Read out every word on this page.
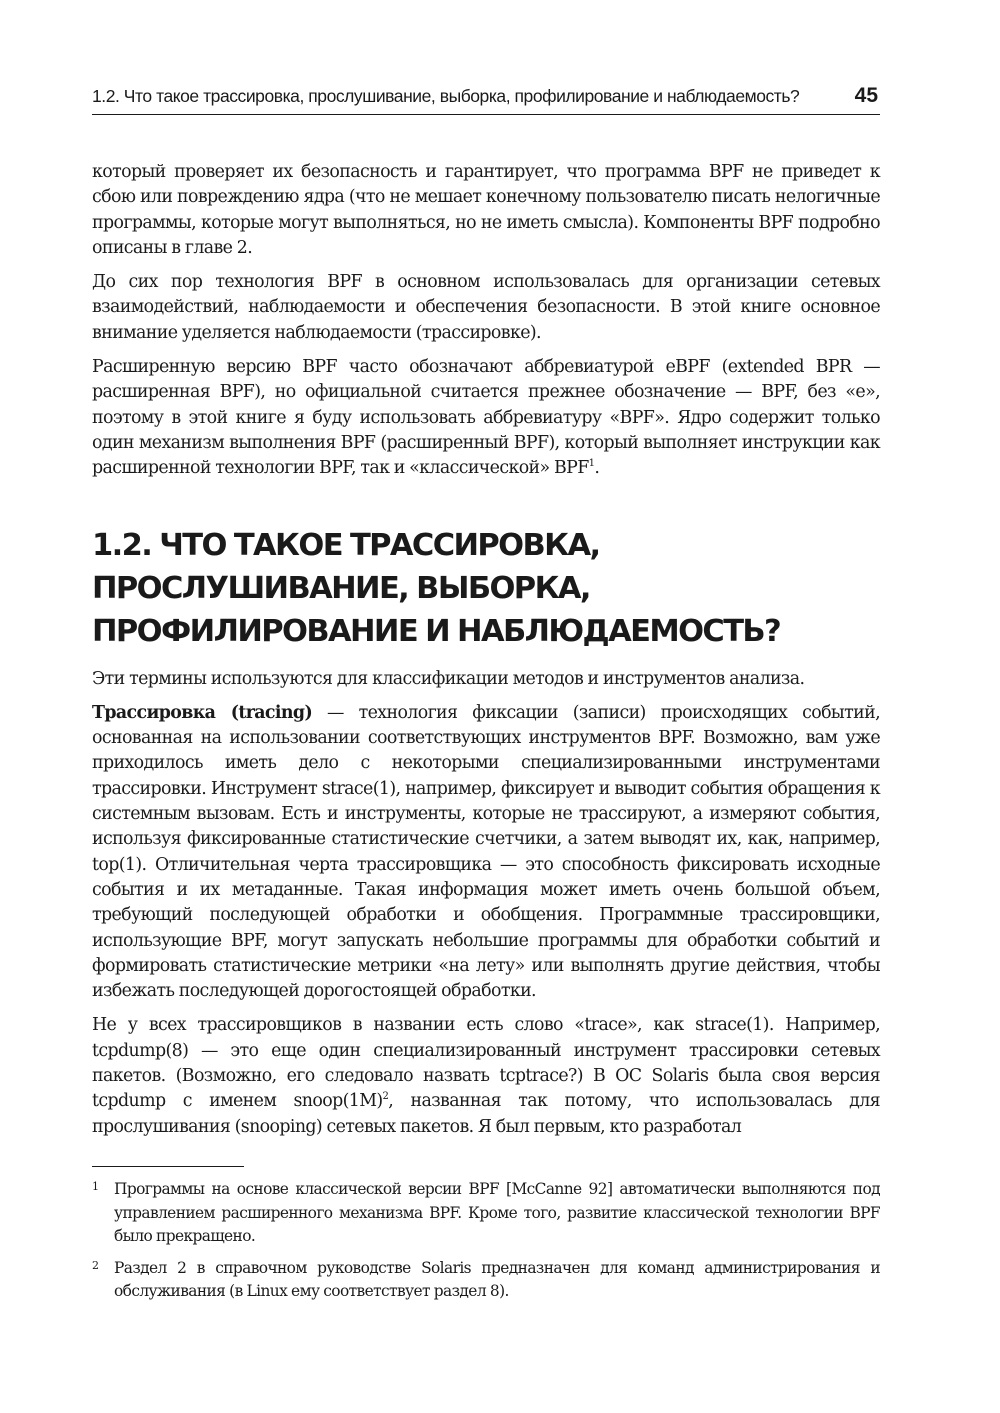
1.2. Что такое трассировка, прослушивание, выборка, профилирование и наблюдаемость?	45

который проверяет их безопасность и гарантирует, что программа BPF не приведет к сбою или повреждению ядра (что не мешает конечному пользователю писать нелогичные программы, которые могут выполняться, но не иметь смысла). Компоненты BPF подробно описаны в главе 2.

До сих пор технология BPF в основном использовалась для организации сетевых взаимодействий, наблюдаемости и обеспечения безопасности. В этой книге основное внимание уделяется наблюдаемости (трассировке).

Расширенную версию BPF часто обозначают аббревиатурой eBPF (extended BPR — расширенная BPF), но официальной считается прежнее обозначение — BPF, без «e», поэтому в этой книге я буду использовать аббревиатуру «BPF». Ядро содержит только один механизм выполнения BPF (расширенный BPF), который выполняет инструкции как расширенной технологии BPF, так и «классической» BPF$^1$.

1.2. ЧТО ТАКОЕ ТРАССИРОВКА, ПРОСЛУШИВАНИЕ, ВЫБОРКА, ПРОФИЛИРОВАНИЕ И НАБЛЮДАЕМОСТЬ?

Эти термины используются для классификации методов и инструментов анализа.

Трассировка (tracing) — технология фиксации (записи) происходящих событий, основанная на использовании соответствующих инструментов BPF. Возможно, вам уже приходилось иметь дело с некоторыми специализированными инструментами трассировки. Инструмент strace(1), например, фиксирует и выводит события обращения к системным вызовам. Есть и инструменты, которые не трассируют, а измеряют события, используя фиксированные статистические счетчики, а затем выводят их, как, например, top(1). Отличительная черта трассировщика — это способность фиксировать исходные события и их метаданные. Такая информация может иметь очень большой объем, требующий последующей обработки и обобщения. Программные трассировщики, использующие BPF, могут запускать небольшие программы для обработки событий и формировать статистические метрики «на лету» или выполнять другие действия, чтобы избежать последующей дорогостоящей обработки.

Не у всех трассировщиков в названии есть слово «trace», как strace(1). Например, tcpdump(8) — это еще один специализированный инструмент трассировки сетевых пакетов. (Возможно, его следовало назвать tcptrace?) В ОС Solaris была своя версия tcpdump с именем $snoop(1M)^2$, названная так потому, что использовалась для прослушивания (snooping) сетевых пакетов. Я был первым, кто разработал

1 Программы на основе классической версии BPF [McCanne 92] автоматически выполняются под управлением расширенного механизма BPF. Кроме того, развитие классической технологии BPF было прекращено.
2 Раздел 2 в справочном руководстве Solaris предназначен для команд администрирования и обслуживания (в Linux ему соответствует раздел 8).
